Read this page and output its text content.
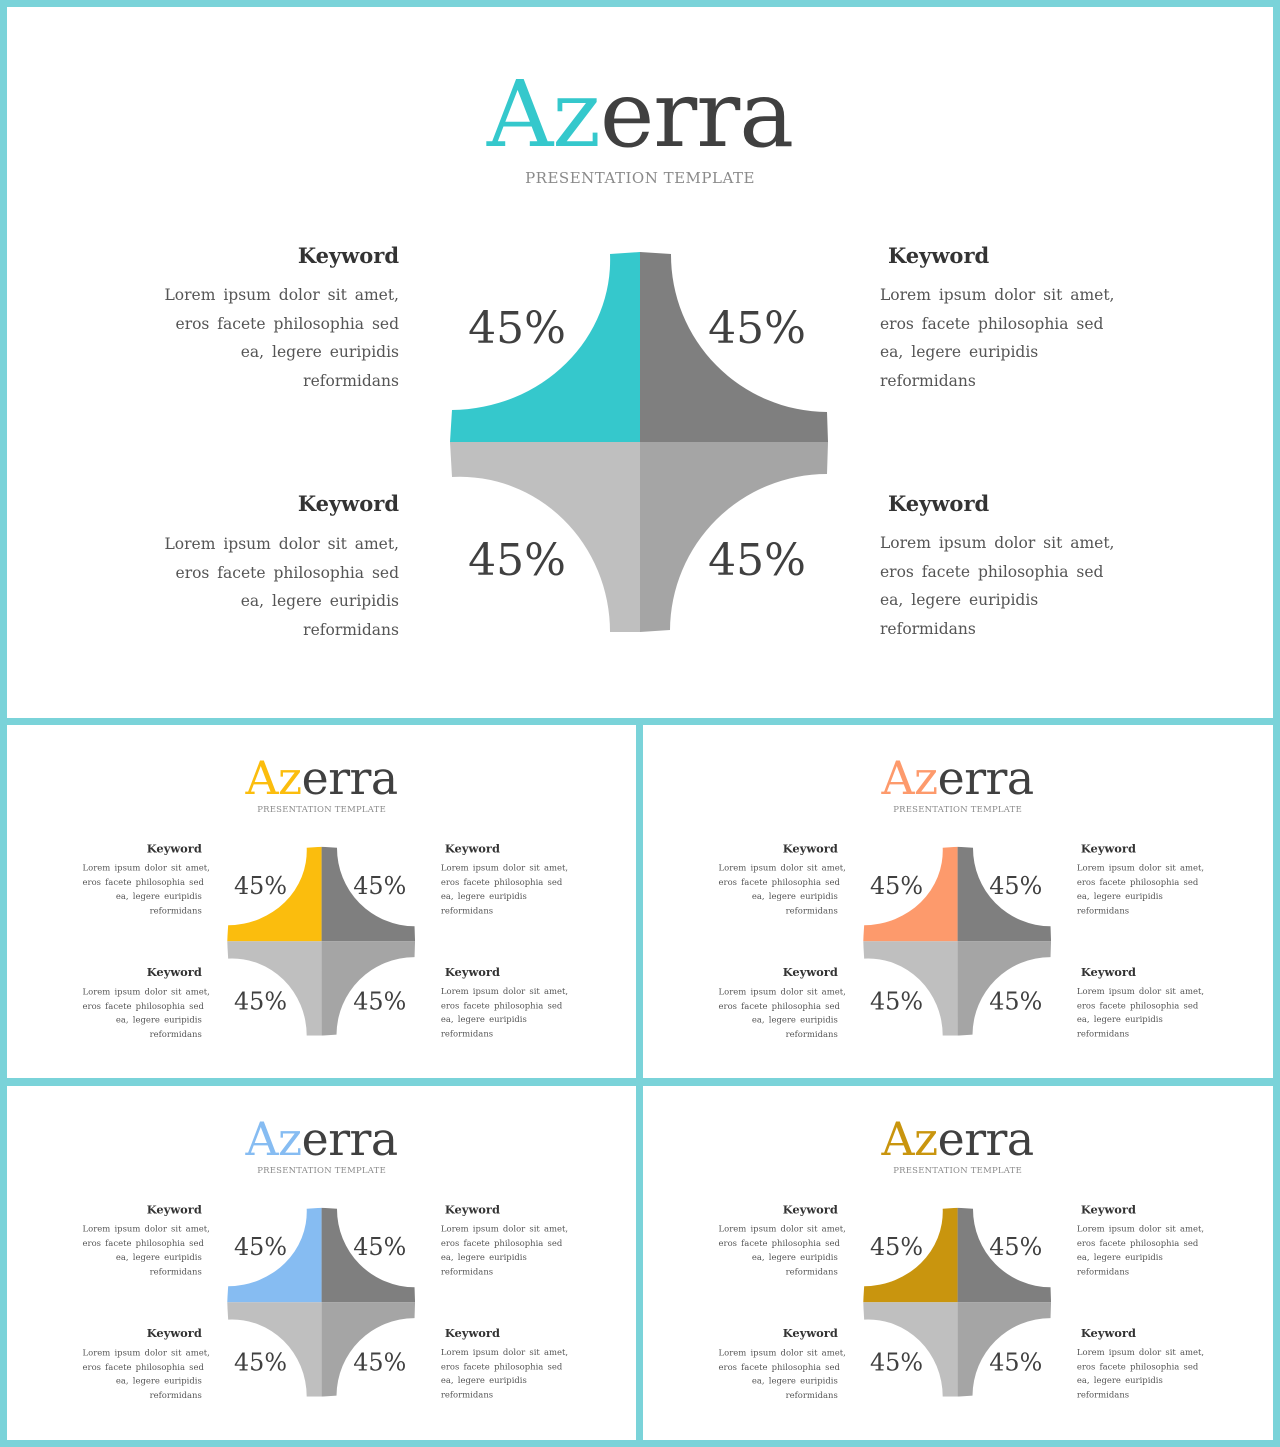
Azerra
PRESENTATION TEMPLATE
Keyword
Lorem ipsum dolor sit amet,
eros facete philosophia sed
ea, legere euripidis
reformidans
Keyword
Lorem ipsum dolor sit amet,
eros facete philosophia sed
ea, legere euripidis
reformidans
Keyword
Lorem ipsum dolor sit amet,
eros facete philosophia sed
ea, legere euripidis
reformidans
Keyword
Lorem ipsum dolor sit amet,
eros facete philosophia sed
ea, legere euripidis
reformidans
45%	45%
45%	45%
Azerra
PRESENTATION TEMPLATE
Keyword
Lorem ipsum dolor sit amet,
eros facete philosophia sed
ea, legere euripidis
reformidans
Keyword
Lorem ipsum dolor sit amet,
eros facete philosophia sed
ea, legere euripidis
reformidans
Keyword
Lorem ipsum dolor sit amet,
eros facete philosophia sed
ea, legere euripidis
reformidans
Keyword
Lorem ipsum dolor sit amet,
eros facete philosophia sed
ea, legere euripidis
reformidans
45% 45%
45% 45%
Azerra
PRESENTATION TEMPLATE
Keyword
Lorem ipsum dolor sit amet,
eros facete philosophia sed
ea, legere euripidis
reformidans
Keyword
Lorem ipsum dolor sit amet,
eros facete philosophia sed
ea, legere euripidis
reformidans
Keyword
Lorem ipsum dolor sit amet,
eros facete philosophia sed
ea, legere euripidis
reformidans
Keyword
Lorem ipsum dolor sit amet,
eros facete philosophia sed
ea, legere euripidis
reformidans
45% 45%
45% 45%
Azerra
PRESENTATION TEMPLATE
Keyword
Lorem ipsum dolor sit amet,
eros facete philosophia sed
ea, legere euripidis
reformidans
Keyword
Lorem ipsum dolor sit amet,
eros facete philosophia sed
ea, legere euripidis
reformidans
Keyword
Lorem ipsum dolor sit amet,
eros facete philosophia sed
ea, legere euripidis
reformidans
Keyword
Lorem ipsum dolor sit amet,
eros facete philosophia sed
ea, legere euripidis
reformidans
45% 45%
45% 45%
Azerra
PRESENTATION TEMPLATE
Keyword
Lorem ipsum dolor sit amet,
eros facete philosophia sed
ea, legere euripidis
reformidans
Keyword
Lorem ipsum dolor sit amet,
eros facete philosophia sed
ea, legere euripidis
reformidans
Keyword
Lorem ipsum dolor sit amet,
eros facete philosophia sed
ea, legere euripidis
reformidans
Keyword
Lorem ipsum dolor sit amet,
eros facete philosophia sed
ea, legere euripidis
reformidans
45% 45%
45% 45%
